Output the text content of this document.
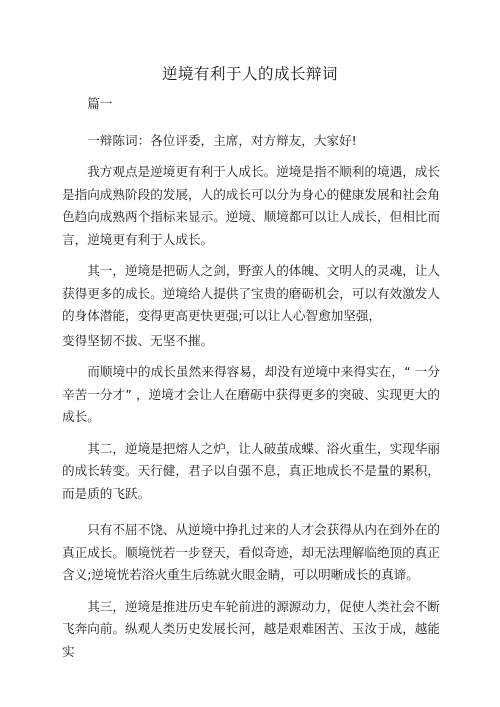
逆境有利于人的成长辩词

篇一

一辩陈词：各位评委，主席，对方辩友，大家好!

我方观点是逆境更有利于人成长。逆境是指不顺利的境遇，成长是指向成熟阶段的发展，人的成长可以分为身心的健康发展和社会角色趋向成熟两个指标来显示。逆境、顺境都可以让人成长，但相比而言，逆境更有利于人成长。

其一，逆境是把砺人之剑，野蛮人的体魄、文明人的灵魂，让人获得更多的成长。逆境给人提供了宝贵的磨砺机会，可以有效激发人的身体潜能，变得更高更快更强;可以让人心智愈加坚强，

变得坚韧不拔、无坚不摧。

而顺境中的成长虽然来得容易，却没有逆境中来得实在，“ 一分辛苦一分才” ，逆境才会让人在磨砺中获得更多的突破、实现更大的成长。

其二，逆境是把熔人之炉，让人破茧成蝶、浴火重生，实现华丽的成长转变。天行健，君子以自强不息，真正地成长不是量的累积，而是质的飞跃。

只有不屈不饶、从逆境中挣扎过来的人才会获得从内在到外在的真正成长。顺境恍若一步登天，看似奇迹，却无法理解临绝顶的真正含义;逆境恍若浴火重生后练就火眼金睛，可以明晰成长的真谛。

其三，逆境是推进历史车轮前进的源源动力，促使人类社会不断飞奔向前。纵观人类历史发展长河，越是艰难困苦、玉汝于成，越能实
